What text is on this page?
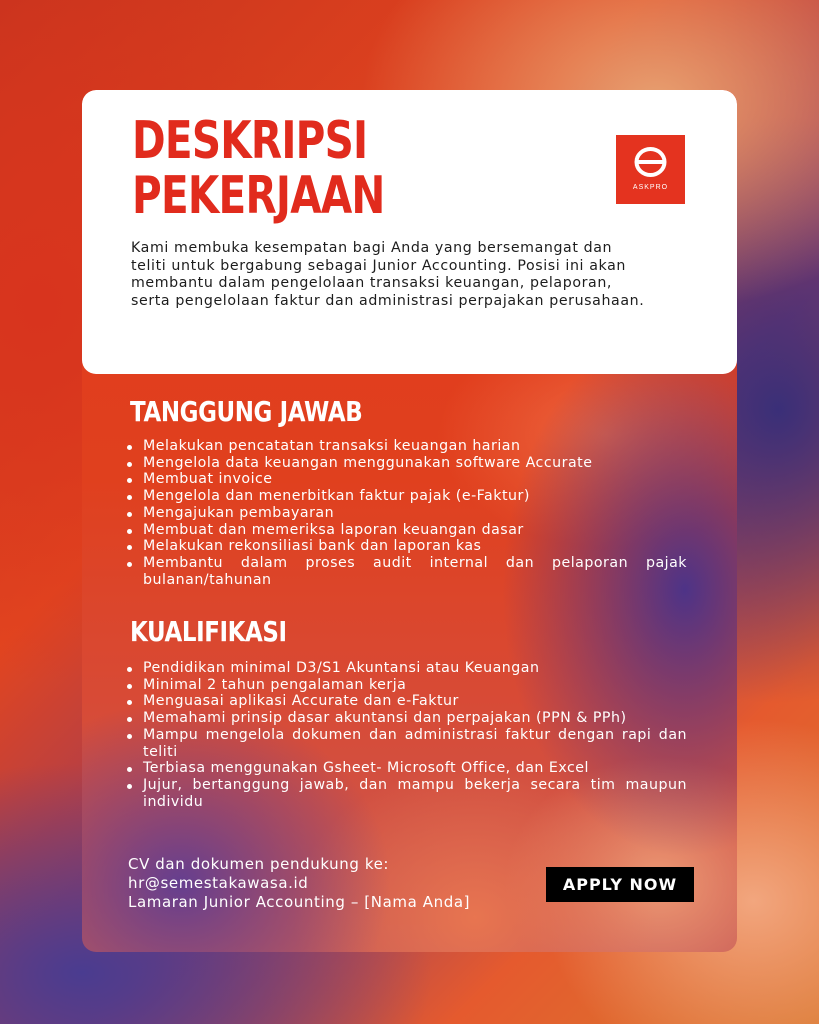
DESKRIPSI
PEKERJAAN	ASKPRO

Kami membuka kesempatan bagi Anda yang bersemangat dan teliti untuk bergabung sebagai Junior Accounting. Posisi ini akan membantu dalam pengelolaan transaksi keuangan, pelaporan, serta pengelolaan faktur dan administrasi perpajakan perusahaan.

TANGGUNG JAWAB
Melakukan pencatatan transaksi keuangan harian
Mengelola data keuangan menggunakan software Accurate
Membuat invoice
Mengelola dan menerbitkan faktur pajak (e-Faktur)
Mengajukan pembayaran
Membuat dan memeriksa laporan keuangan dasar
Melakukan rekonsiliasi bank dan laporan kas
Membantu dalam proses audit internal dan pelaporan pajak bulanan/tahunan
KUALIFIKASI
Pendidikan minimal D3/S1 Akuntansi atau Keuangan
Minimal 2 tahun pengalaman kerja
Menguasai aplikasi Accurate dan e-Faktur
Memahami prinsip dasar akuntansi dan perpajakan (PPN & PPh)
Mampu mengelola dokumen dan administrasi faktur dengan rapi dan teliti
Terbiasa menggunakan Gsheet- Microsoft Office, dan Excel
Jujur, bertanggung jawab, dan mampu bekerja secara tim maupun individu
CV dan dokumen pendukung ke:
hr@semestakawasa.id
Lamaran Junior Accounting – [Nama Anda]
APPLY NOW
